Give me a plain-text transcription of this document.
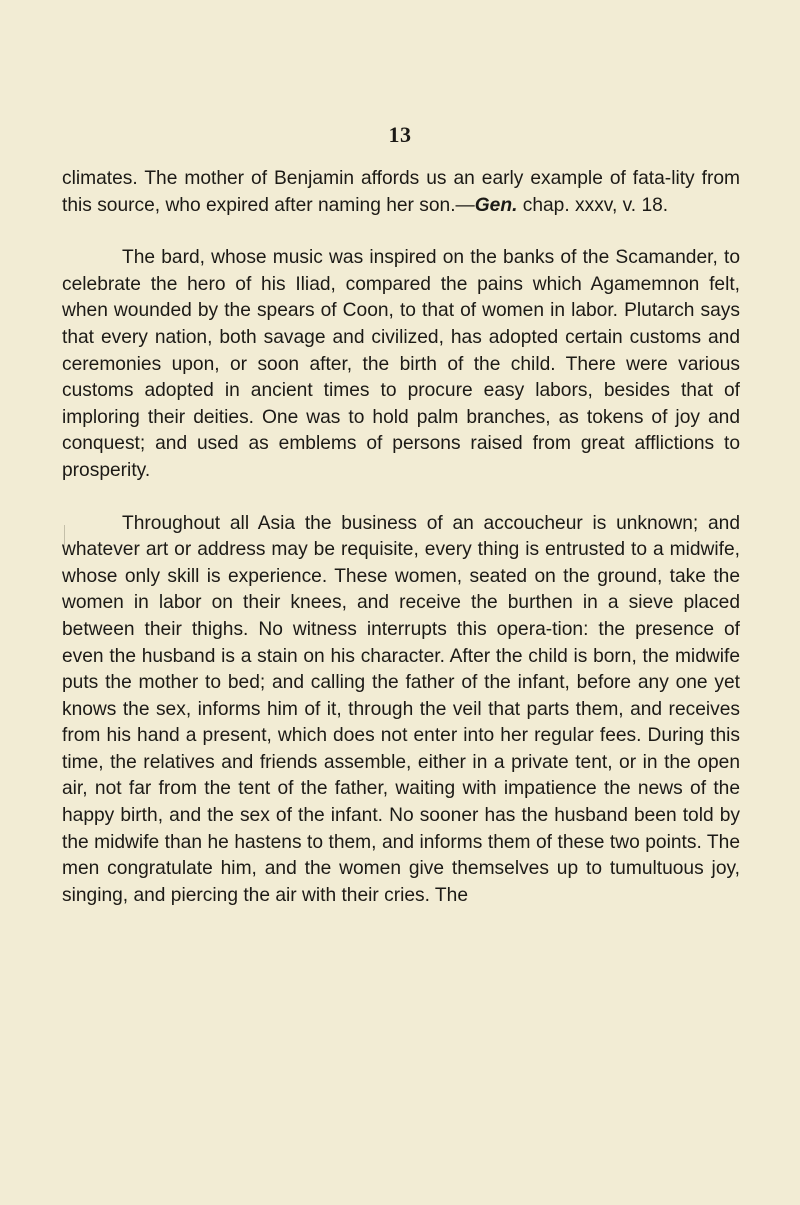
13

climates. The mother of Benjamin affords us an early example of fata-lity from this source, who expired after naming her son.—Gen. chap. xxxv, v. 18.

The bard, whose music was inspired on the banks of the Scamander, to celebrate the hero of his Iliad, compared the pains which Agamemnon felt, when wounded by the spears of Coon, to that of women in labor. Plutarch says that every nation, both savage and civilized, has adopted certain customs and ceremonies upon, or soon after, the birth of the child. There were various customs adopted in ancient times to procure easy labors, besides that of imploring their deities. One was to hold palm branches, as tokens of joy and conquest; and used as emblems of persons raised from great afflictions to prosperity.

Throughout all Asia the business of an accoucheur is unknown; and whatever art or address may be requisite, every thing is entrusted to a midwife, whose only skill is experience. These women, seated on the ground, take the women in labor on their knees, and receive the burthen in a sieve placed between their thighs. No witness interrupts this opera-tion: the presence of even the husband is a stain on his character. After the child is born, the midwife puts the mother to bed; and calling the father of the infant, before any one yet knows the sex, informs him of it, through the veil that parts them, and receives from his hand a present, which does not enter into her regular fees. During this time, the relatives and friends assemble, either in a private tent, or in the open air, not far from the tent of the father, waiting with impatience the news of the happy birth, and the sex of the infant. No sooner has the husband been told by the midwife than he hastens to them, and informs them of these two points. The men congratulate him, and the women give themselves up to tumultuous joy, singing, and piercing the air with their cries. The
